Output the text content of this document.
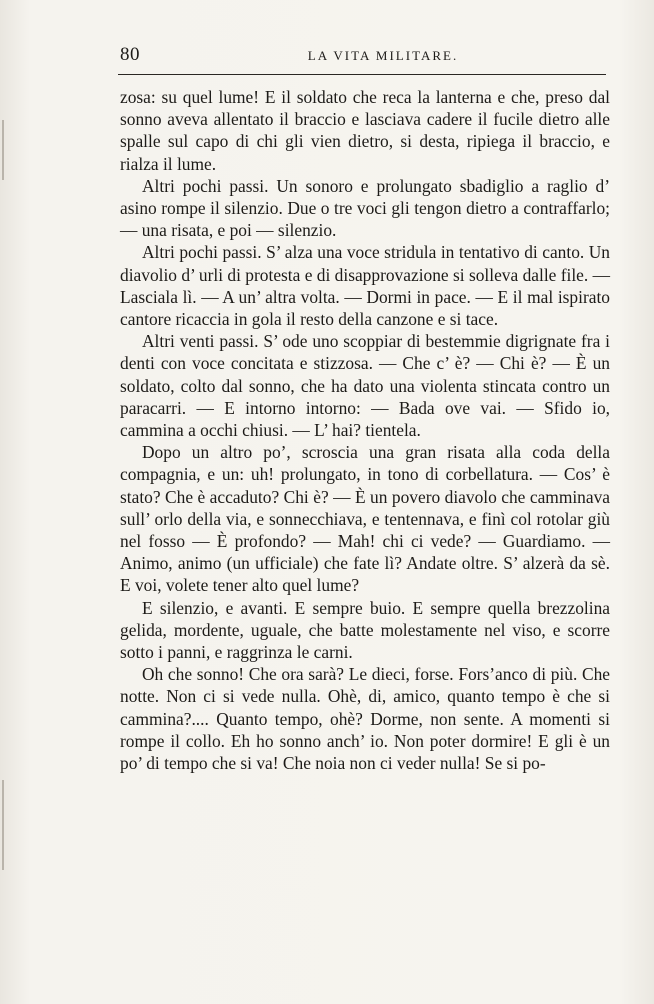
80	LA VITA MILITARE.

zosa: su quel lume! E il soldato che reca la lanterna e che, preso dal sonno aveva allentato il braccio e lasciava cadere il fucile dietro alle spalle sul capo di chi gli vien dietro, si desta, ripiega il braccio, e rialza il lume.

Altri pochi passi. Un sonoro e prolungato sbadiglio a raglio d’ asino rompe il silenzio. Due o tre voci gli tengon dietro a contraffarlo; — una risata, e poi — silenzio.

Altri pochi passi. S’ alza una voce stridula in tentativo di canto. Un diavolio d’ urli di protesta e di disapprovazione si solleva dalle file. — Lasciala lì. — A un’ altra volta. — Dormi in pace. — E il mal ispirato cantore ricaccia in gola il resto della canzone e si tace.

Altri venti passi. S’ ode uno scoppiar di bestemmie digrignate fra i denti con voce concitata e stizzosa. — Che c’ è? — Chi è? — È un soldato, colto dal sonno, che ha dato una violenta stincata contro un paracarri. — E intorno intorno: — Bada ove vai. — Sfido io, cammina a occhi chiusi. — L’ hai? tientela.

Dopo un altro po’, scroscia una gran risata alla coda della compagnia, e un: uh! prolungato, in tono di corbellatura. — Cos’ è stato? Che è accaduto? Chi è? — È un povero diavolo che camminava sull’ orlo della via, e sonnecchiava, e tentennava, e finì col rotolar giù nel fosso — È profondo? — Mah! chi ci vede? — Guardiamo. — Animo, animo (un ufficiale) che fate lì? Andate oltre. S’ alzerà da sè. E voi, volete tener alto quel lume?

E silenzio, e avanti. E sempre buio. E sempre quella brezzolina gelida, mordente, uguale, che batte molestamente nel viso, e scorre sotto i panni, e raggrinza le carni.

Oh che sonno! Che ora sarà? Le dieci, forse. Fors’anco di più. Che notte. Non ci si vede nulla. Ohè, di, amico, quanto tempo è che si cammina?.... Quanto tempo, ohè? Dorme, non sente. A momenti si rompe il collo. Eh ho sonno anch’ io. Non poter dormire! E gli è un po’ di tempo che si va! Che noia non ci veder nulla! Se si po-
